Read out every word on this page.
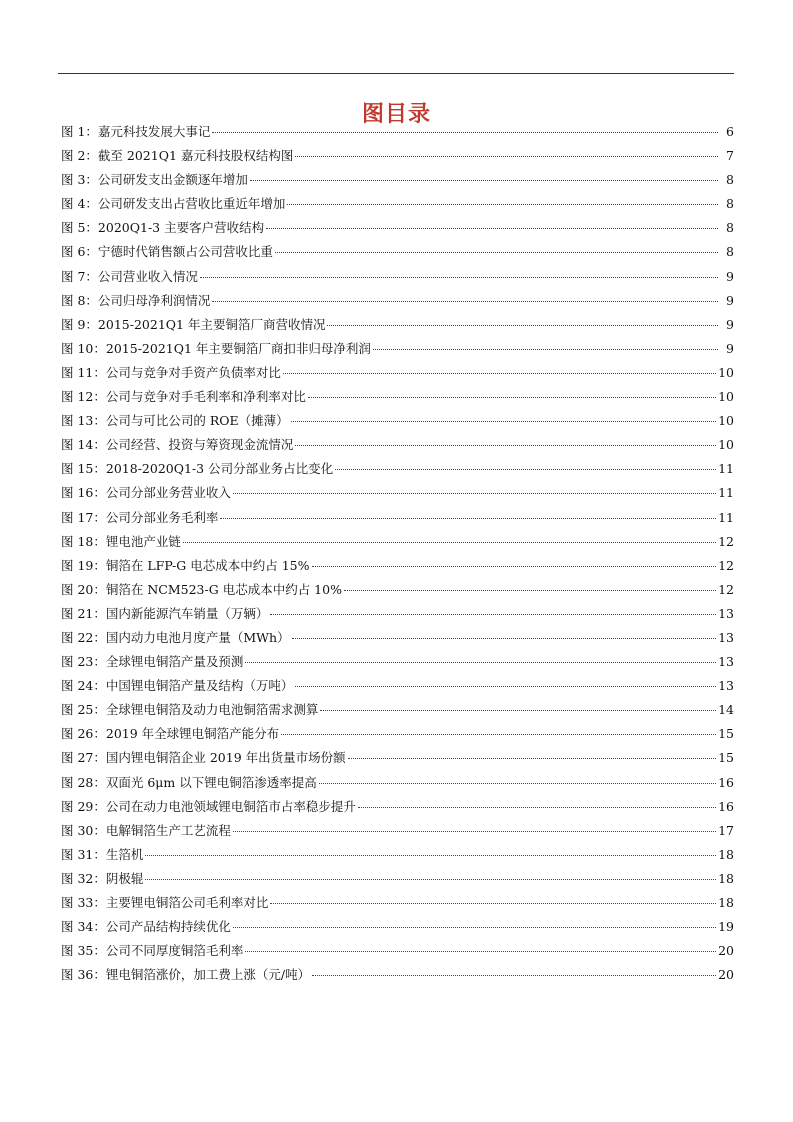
图目录
图 1：嘉元科技发展大事记	6
图 2：截至 2021Q1 嘉元科技股权结构图	7
图 3：公司研发支出金额逐年增加	8
图 4：公司研发支出占营收比重近年增加	8
图 5：2020Q1-3 主要客户营收结构	8
图 6：宁德时代销售额占公司营收比重	8
图 7：公司营业收入情况	9
图 8：公司归母净利润情况	9
图 9：2015-2021Q1 年主要铜箔厂商营收情况	9
图 10：2015-2021Q1 年主要铜箔厂商扣非归母净利润	9
图 11：公司与竞争对手资产负债率对比	10
图 12：公司与竞争对手毛利率和净利率对比	10
图 13：公司与可比公司的 ROE（摊薄）	10
图 14：公司经营、投资与筹资现金流情况	10
图 15：2018-2020Q1-3 公司分部业务占比变化	11
图 16：公司分部业务营业收入	11
图 17：公司分部业务毛利率	11
图 18：锂电池产业链	12
图 19：铜箔在 LFP-G 电芯成本中约占 15%	12
图 20：铜箔在 NCM523-G 电芯成本中约占 10%	12
图 21：国内新能源汽车销量（万辆）	13
图 22：国内动力电池月度产量（MWh）	13
图 23：全球锂电铜箔产量及预测	13
图 24：中国锂电铜箔产量及结构（万吨）	13
图 25：全球锂电铜箔及动力电池铜箔需求测算	14
图 26：2019 年全球锂电铜箔产能分布	15
图 27：国内锂电铜箔企业 2019 年出货量市场份额	15
图 28：双面光 6μm 以下锂电铜箔渗透率提高	16
图 29：公司在动力电池领域锂电铜箔市占率稳步提升	16
图 30：电解铜箔生产工艺流程	17
图 31：生箔机	18
图 32：阴极辊	18
图 33：主要锂电铜箔公司毛利率对比	18
图 34：公司产品结构持续优化	19
图 35：公司不同厚度铜箔毛利率	20
图 36：锂电铜箔涨价，加工费上涨（元/吨）	20
